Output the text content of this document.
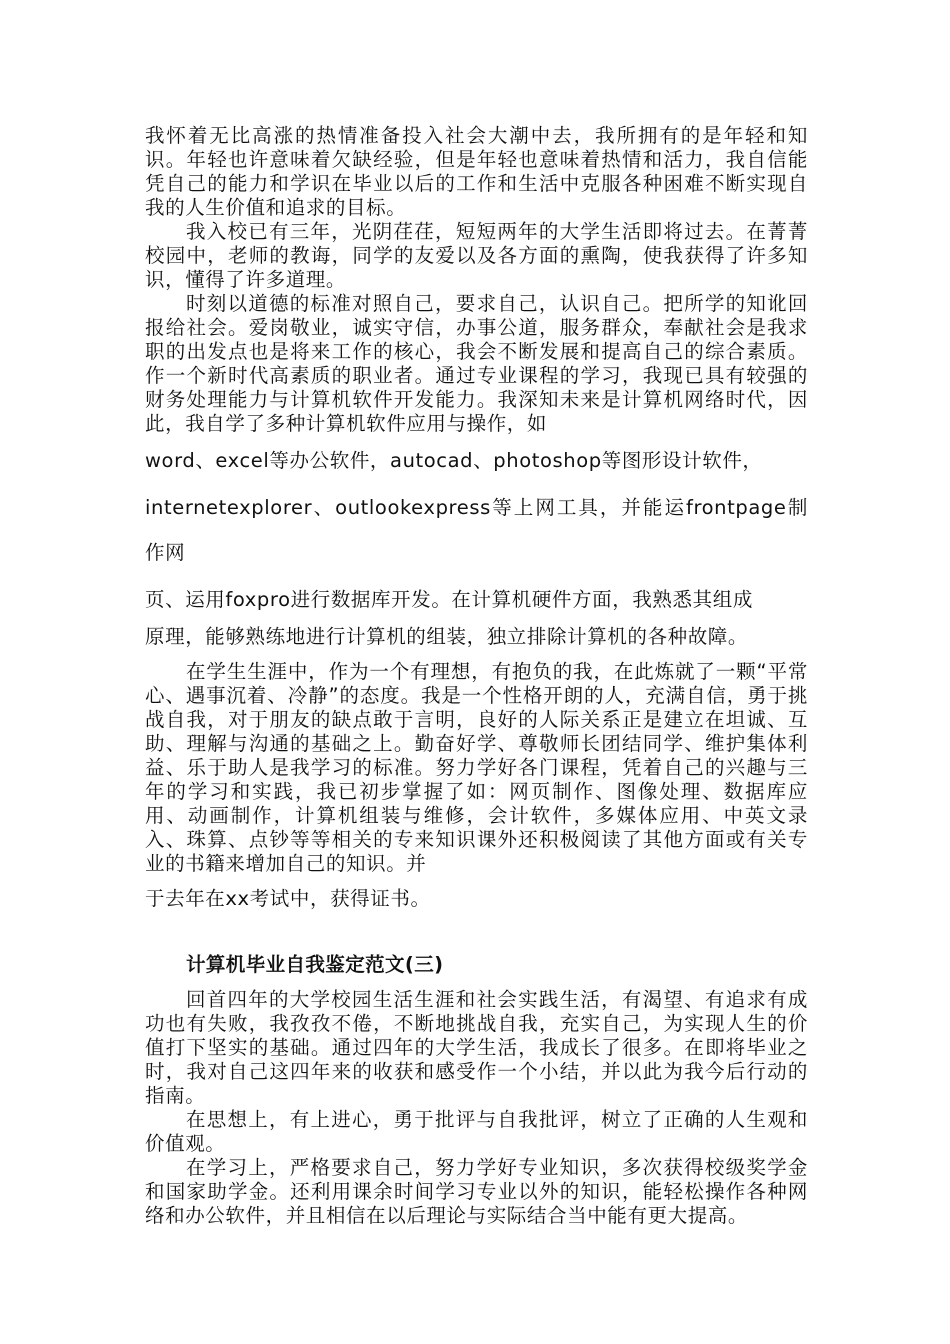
我怀着无比高涨的热情准备投入社会大潮中去，我所拥有的是年轻和知识。年轻也许意味着欠缺经验，但是年轻也意味着热情和活力，我自信能凭自己的能力和学识在毕业以后的工作和生活中克服各种困难不断实现自我的人生价值和追求的目标。

我入校已有三年，光阴荏荏，短短两年的大学生活即将过去。在菁菁校园中，老师的教诲，同学的友爱以及各方面的熏陶，使我获得了许多知识，懂得了许多道理。

时刻以道德的标准对照自己，要求自己，认识自己。把所学的知讹回报给社会。爱岗敬业，诚实守信，办事公道，服务群众，奉献社会是我求职的出发点也是将来工作的核心，我会不断发展和提高自己的综合素质。作一个新时代高素质的职业者。通过专业课程的学习，我现已具有较强的财务处理能力与计算机软件开发能力。我深知未来是计算机网络时代，因此，我自学了多种计算机软件应用与操作，如

word、excel等办公软件，autocad、photoshop等图形设计软件，

internetexplorer、outlookexpress等上网工具，并能运frontpage制作网

页、运用foxpro进行数据库开发。在计算机硬件方面，我熟悉其组成

原理，能够熟练地进行计算机的组装，独立排除计算机的各种故障。

在学生生涯中，作为一个有理想，有抱负的我，在此炼就了一颗“平常心、遇事沉着、冷静”的态度。我是一个性格开朗的人，充满自信，勇于挑战自我，对于朋友的缺点敢于言明，良好的人际关系正是建立在坦诚、互助、理解与沟通的基础之上。勤奋好学、尊敬师长团结同学、维护集体利益、乐于助人是我学习的标准。努力学好各门课程，凭着自己的兴趣与三年的学习和实践，我已初步掌握了如：网页制作、图像处理、数据库应用、动画制作，计算机组装与维修，会计软件，多媒体应用、中英文录入、珠算、点钞等等相关的专来知识课外还积极阅读了其他方面或有关专业的书籍来增加自己的知识。并

于去年在xx考试中，获得证书。

计算机毕业自我鉴定范文(三)

回首四年的大学校园生活生涯和社会实践生活，有渴望、有追求有成功也有失败，我孜孜不倦，不断地挑战自我，充实自己，为实现人生的价值打下坚实的基础。通过四年的大学生活，我成长了很多。在即将毕业之时，我对自己这四年来的收获和感受作一个小结，并以此为我今后行动的指南。

在思想上，有上进心，勇于批评与自我批评，树立了正确的人生观和价值观。

在学习上，严格要求自己，努力学好专业知识，多次获得校级奖学金和国家助学金。还利用课余时间学习专业以外的知识，能轻松操作各种网络和办公软件，并且相信在以后理论与实际结合当中能有更大提高。
